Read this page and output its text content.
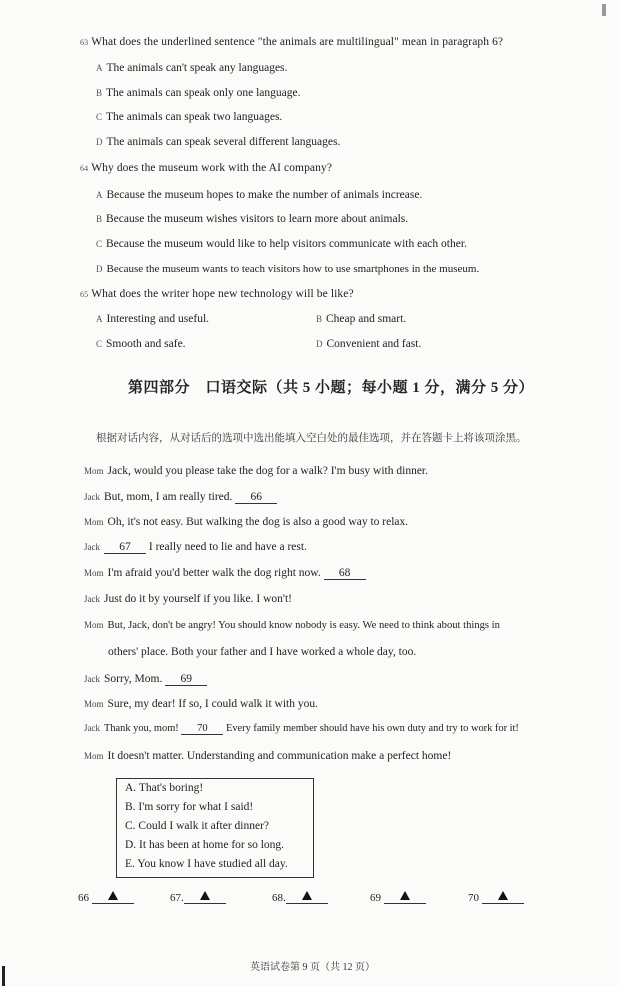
63 What does the underlined sentence "the animals are multilingual" mean in paragraph 6?
A The animals can't speak any languages.
B The animals can speak only one language.
C The animals can speak two languages.
D The animals can speak several different languages.
64 Why does the museum work with the AI company?
A Because the museum hopes to make the number of animals increase.
B Because the museum wishes visitors to learn more about animals.
C Because the museum would like to help visitors communicate with each other.
D Because the museum wants to teach visitors how to use smartphones in the museum.
65 What does the writer hope new technology will be like?
A Interesting and useful.	B Cheap and smart.
C Smooth and safe.	D Convenient and fast.
第四部分　口语交际（共 5 小题；每小题 1 分，满分 5 分）
根据对话内容，从对话后的选项中选出能填入空白处的最佳选项，并在答题卡上将该项涂黑。
Mom Jack, would you please take the dog for a walk? I'm busy with dinner.
Jack But, mom, I am really tired. 66
Mom Oh, it's not easy. But walking the dog is also a good way to relax.
Jack 67 I really need to lie and have a rest.
Mom I'm afraid you'd better walk the dog right now. 68
Jack Just do it by yourself if you like. I won't!
Mom But, Jack, don't be angry! You should know nobody is easy. We need to think about things in
others' place. Both your father and I have worked a whole day, too.
Jack Sorry, Mom. 69
Mom Sure, my dear! If so, I could walk it with you.
Jack Thank you, mom! 70 Every family member should have his own duty and try to work for it!
Mom It doesn't matter. Understanding and communication make a perfect home!
A. That's boring!
B. I'm sorry for what I said!
C. Could I walk it after dinner?
D. It has been at home for so long.
E. You know I have studied all day.
66	67.	68.	69	70
英语试卷第 9 页（共 12 页）
